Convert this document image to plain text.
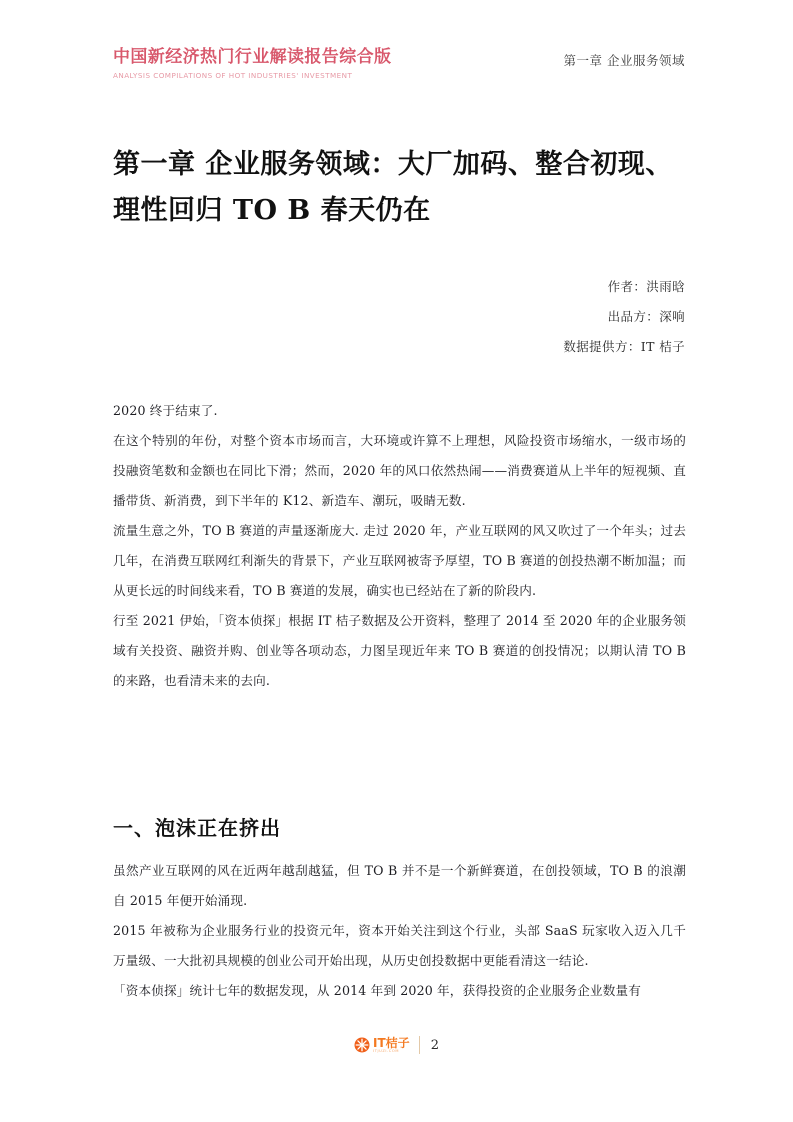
中国新经济热门行业解读报告综合版
ANALYSIS COMPILATIONS OF HOT INDUSTRIES' INVESTMENT
第一章 企业服务领域
第一章 企业服务领域：大厂加码、整合初现、理性回归 TO B 春天仍在
作者：洪雨晗
出品方：深响
数据提供方：IT 桔子

2020 终于结束了.

在这个特别的年份，对整个资本市场而言，大环境或许算不上理想，风险投资市场缩水，一级市场的投融资笔数和金额也在同比下滑；然而，2020 年的风口依然热闹——消费赛道从上半年的短视频、直播带货、新消费，到下半年的 K12、新造车、潮玩，吸睛无数.

流量生意之外，TO B 赛道的声量逐渐庞大. 走过 2020 年，产业互联网的风又吹过了一个年头；过去几年，在消费互联网红利渐失的背景下，产业互联网被寄予厚望，TO B 赛道的创投热潮不断加温；而从更长远的时间线来看，TO B 赛道的发展，确实也已经站在了新的阶段内.

行至 2021 伊始，「资本侦探」根据 IT 桔子数据及公开资料，整理了 2014 至 2020 年的企业服务领域有关投资、融资并购、创业等各项动态，力图呈现近年来 TO B 赛道的创投情况；以期认清 TO B 的来路，也看清未来的去向.

一、泡沫正在挤出

虽然产业互联网的风在近两年越刮越猛，但 TO B 并不是一个新鲜赛道，在创投领域，TO B 的浪潮自 2015 年便开始涌现.

2015 年被称为企业服务行业的投资元年，资本开始关注到这个行业，头部 SaaS 玩家收入迈入几千万量级、一大批初具规模的创业公司开始出现，从历史创投数据中更能看清这一结论.

「资本侦探」统计七年的数据发现，从 2014 年到 2020 年，获得投资的企业服务企业数量有

IT桔子
ITJUZI.COM	2
